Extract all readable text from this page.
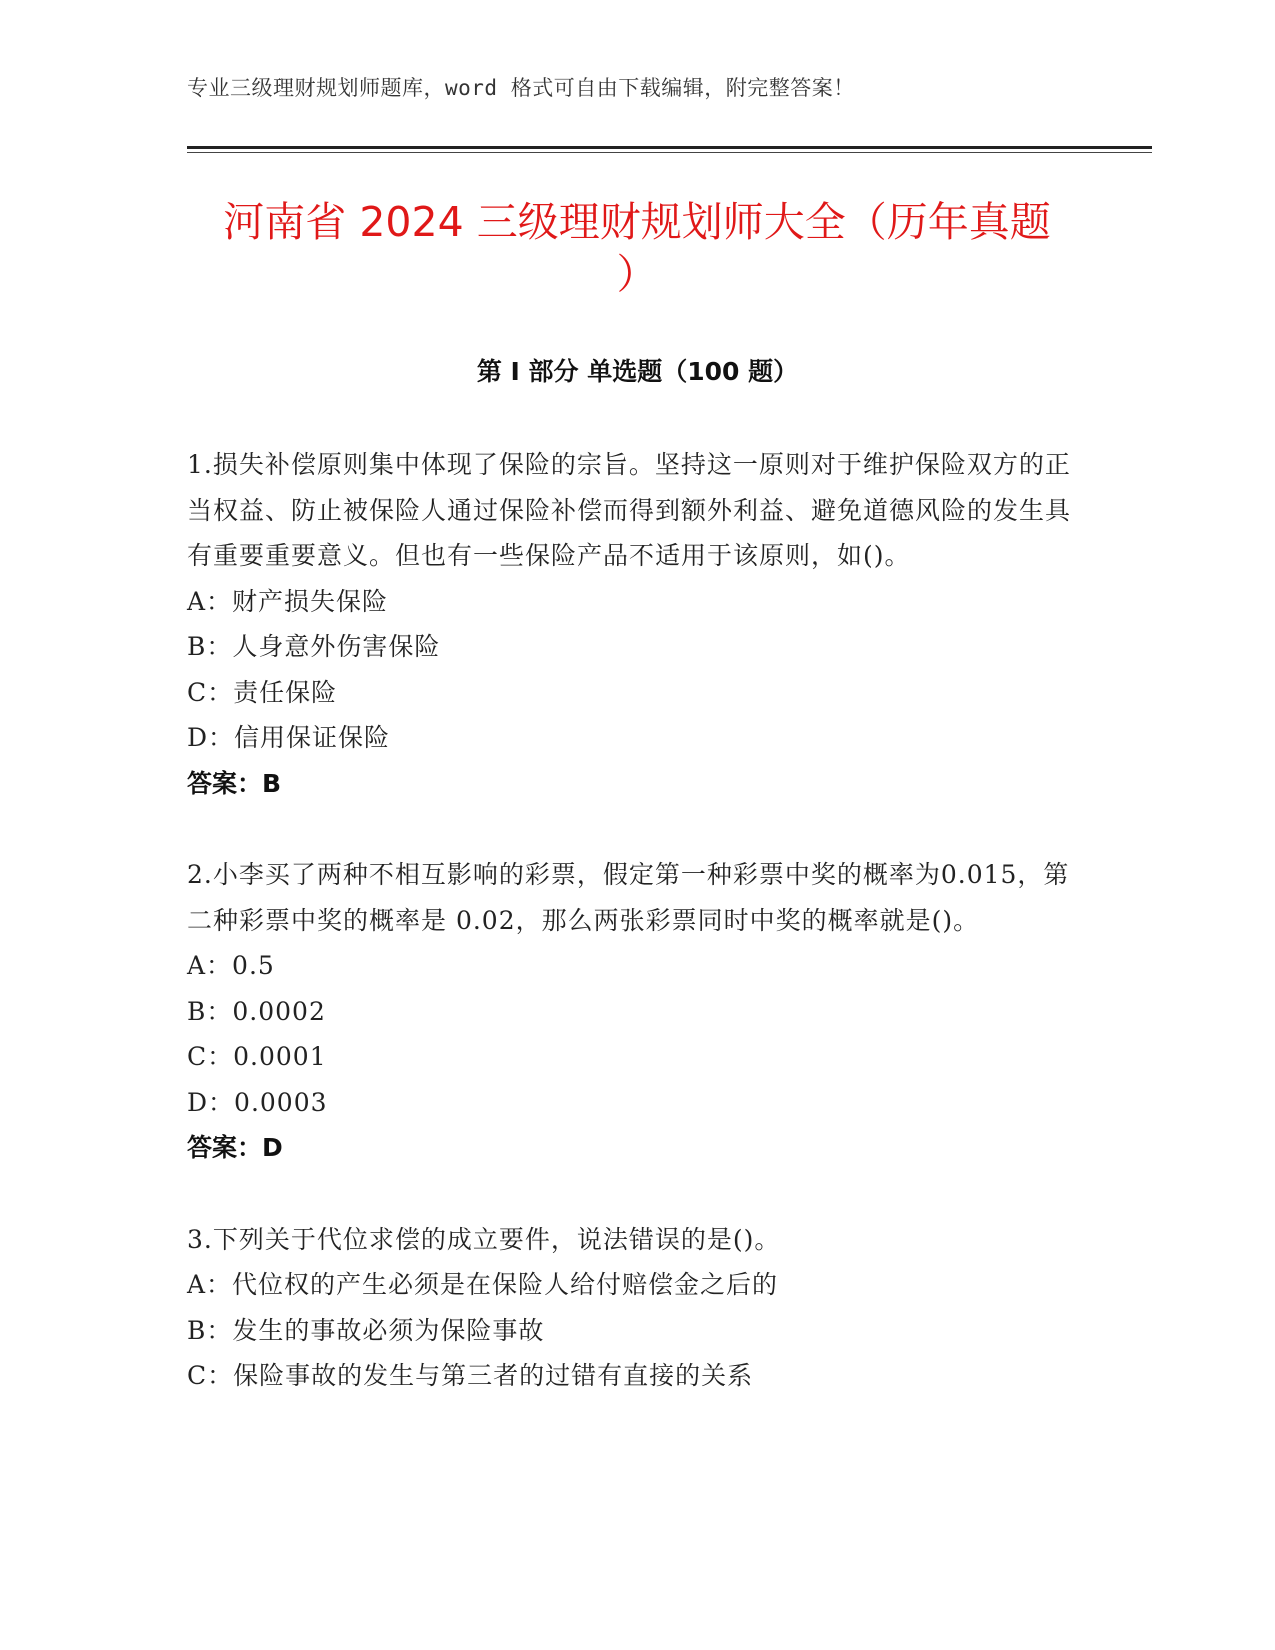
专业三级理财规划师题库，word 格式可自由下载编辑，附完整答案！
河南省 2024 三级理财规划师大全（历年真题
）
第 I 部分 单选题（100 题）
1.损失补偿原则集中体现了保险的宗旨。坚持这一原则对于维护保险双方的正当权益、防止被保险人通过保险补偿而得到额外利益、避免道德风险的发生具有重要重要意义。但也有一些保险产品不适用于该原则，如()。
A：财产损失保险
B：人身意外伤害保险
C：责任保险
D：信用保证保险
答案：B
2.小李买了两种不相互影响的彩票，假定第一种彩票中奖的概率为0.015，第二种彩票中奖的概率是 0.02，那么两张彩票同时中奖的概率就是()。
A：0.5
B：0.0002
C：0.0001
D：0.0003
答案：D
3.下列关于代位求偿的成立要件，说法错误的是()。
A：代位权的产生必须是在保险人给付赔偿金之后的
B：发生的事故必须为保险事故
C：保险事故的发生与第三者的过错有直接的关系
